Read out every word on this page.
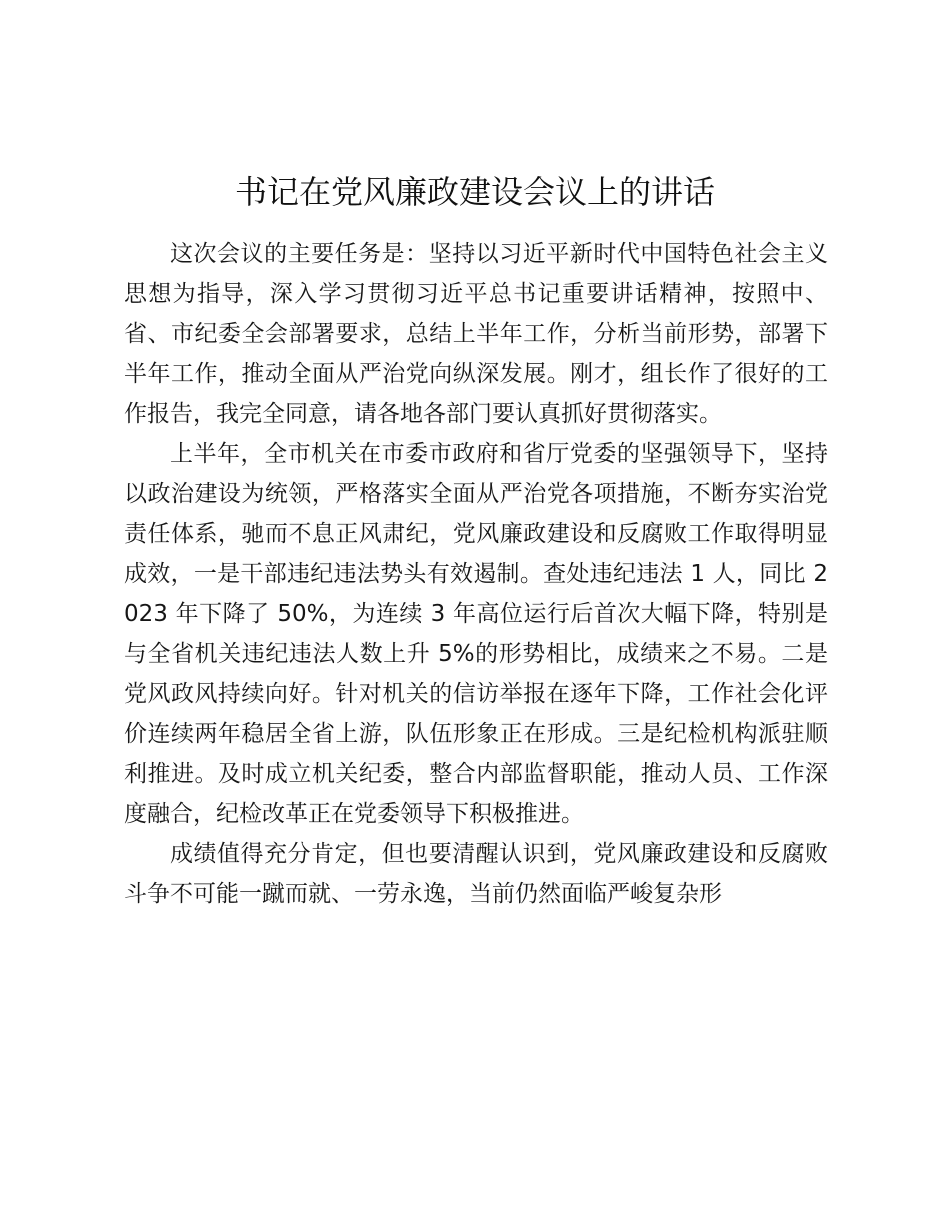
书记在党风廉政建设会议上的讲话

这次会议的主要任务是：坚持以习近平新时代中国特色社会主义思想为指导，深入学习贯彻习近平总书记重要讲话精神，按照中、省、市纪委全会部署要求，总结上半年工作，分析当前形势，部署下半年工作，推动全面从严治党向纵深发展。刚才，组长作了很好的工作报告，我完全同意，请各地各部门要认真抓好贯彻落实。

上半年，全市机关在市委市政府和省厅党委的坚强领导下，坚持以政治建设为统领，严格落实全面从严治党各项措施，不断夯实治党责任体系，驰而不息正风肃纪，党风廉政建设和反腐败工作取得明显成效，一是干部违纪违法势头有效遏制。查处违纪违法 1 人，同比 2023 年下降了 50%，为连续 3 年高位运行后首次大幅下降，特别是与全省机关违纪违法人数上升 5%的形势相比，成绩来之不易。二是党风政风持续向好。针对机关的信访举报在逐年下降，工作社会化评价连续两年稳居全省上游，队伍形象正在形成。三是纪检机构派驻顺利推进。及时成立机关纪委，整合内部监督职能，推动人员、工作深度融合，纪检改革正在党委领导下积极推进。

成绩值得充分肯定，但也要清醒认识到，党风廉政建设和反腐败斗争不可能一蹴而就、一劳永逸，当前仍然面临严峻复杂形
